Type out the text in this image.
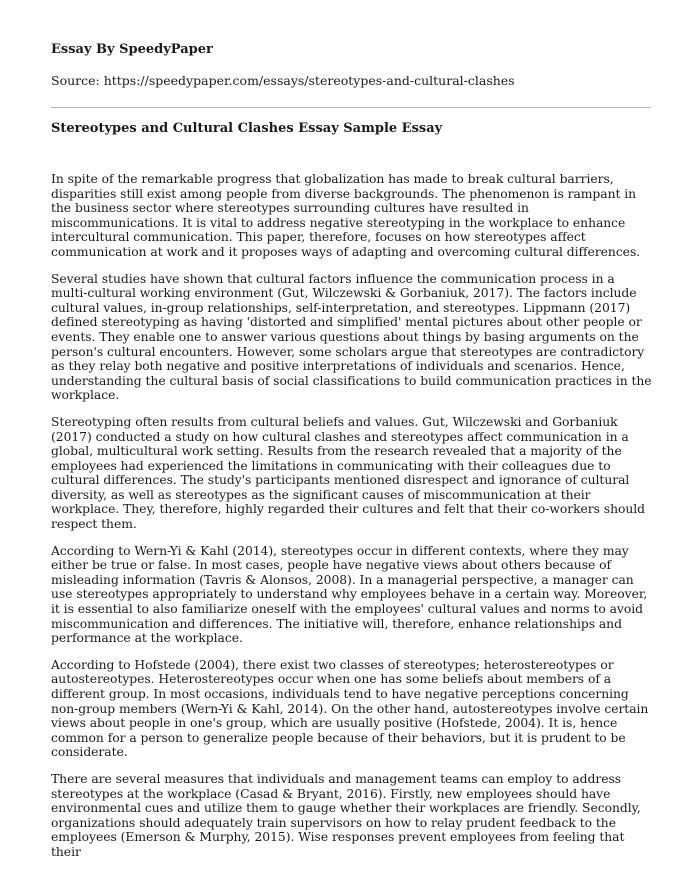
Essay By SpeedyPaper

Source: https://speedypaper.com/essays/stereotypes-and-cultural-clashes

Stereotypes and Cultural Clashes Essay Sample Essay

In spite of the remarkable progress that globalization has made to break cultural barriers, disparities still exist among people from diverse backgrounds. The phenomenon is rampant in the business sector where stereotypes surrounding cultures have resulted in miscommunications. It is vital to address negative stereotyping in the workplace to enhance intercultural communication. This paper, therefore, focuses on how stereotypes affect communication at work and it proposes ways of adapting and overcoming cultural differences.

Several studies have shown that cultural factors influence the communication process in a multi-cultural working environment (Gut, Wilczewski & Gorbaniuk, 2017). The factors include cultural values, in-group relationships, self-interpretation, and stereotypes. Lippmann (2017) defined stereotyping as having 'distorted and simplified' mental pictures about other people or events. They enable one to answer various questions about things by basing arguments on the person's cultural encounters. However, some scholars argue that stereotypes are contradictory as they relay both negative and positive interpretations of individuals and scenarios. Hence, understanding the cultural basis of social classifications to build communication practices in the workplace.

Stereotyping often results from cultural beliefs and values. Gut, Wilczewski and Gorbaniuk (2017) conducted a study on how cultural clashes and stereotypes affect communication in a global, multicultural work setting. Results from the research revealed that a majority of the employees had experienced the limitations in communicating with their colleagues due to cultural differences. The study's participants mentioned disrespect and ignorance of cultural diversity, as well as stereotypes as the significant causes of miscommunication at their workplace. They, therefore, highly regarded their cultures and felt that their co-workers should respect them.

According to Wern-Yi & Kahl (2014), stereotypes occur in different contexts, where they may either be true or false. In most cases, people have negative views about others because of misleading information (Tavris & Alonsos, 2008). In a managerial perspective, a manager can use stereotypes appropriately to understand why employees behave in a certain way. Moreover, it is essential to also familiarize oneself with the employees' cultural values and norms to avoid miscommunication and differences. The initiative will, therefore, enhance relationships and performance at the workplace.

According to Hofstede (2004), there exist two classes of stereotypes; heterostereotypes or autostereotypes. Heterostereotypes occur when one has some beliefs about members of a different group. In most occasions, individuals tend to have negative perceptions concerning non-group members (Wern-Yi & Kahl, 2014). On the other hand, autostereotypes involve certain views about people in one's group, which are usually positive (Hofstede, 2004). It is, hence common for a person to generalize people because of their behaviors, but it is prudent to be considerate.

There are several measures that individuals and management teams can employ to address stereotypes at the workplace (Casad & Bryant, 2016). Firstly, new employees should have environmental cues and utilize them to gauge whether their workplaces are friendly. Secondly, organizations should adequately train supervisors on how to relay prudent feedback to the employees (Emerson & Murphy, 2015). Wise responses prevent employees from feeling that their
